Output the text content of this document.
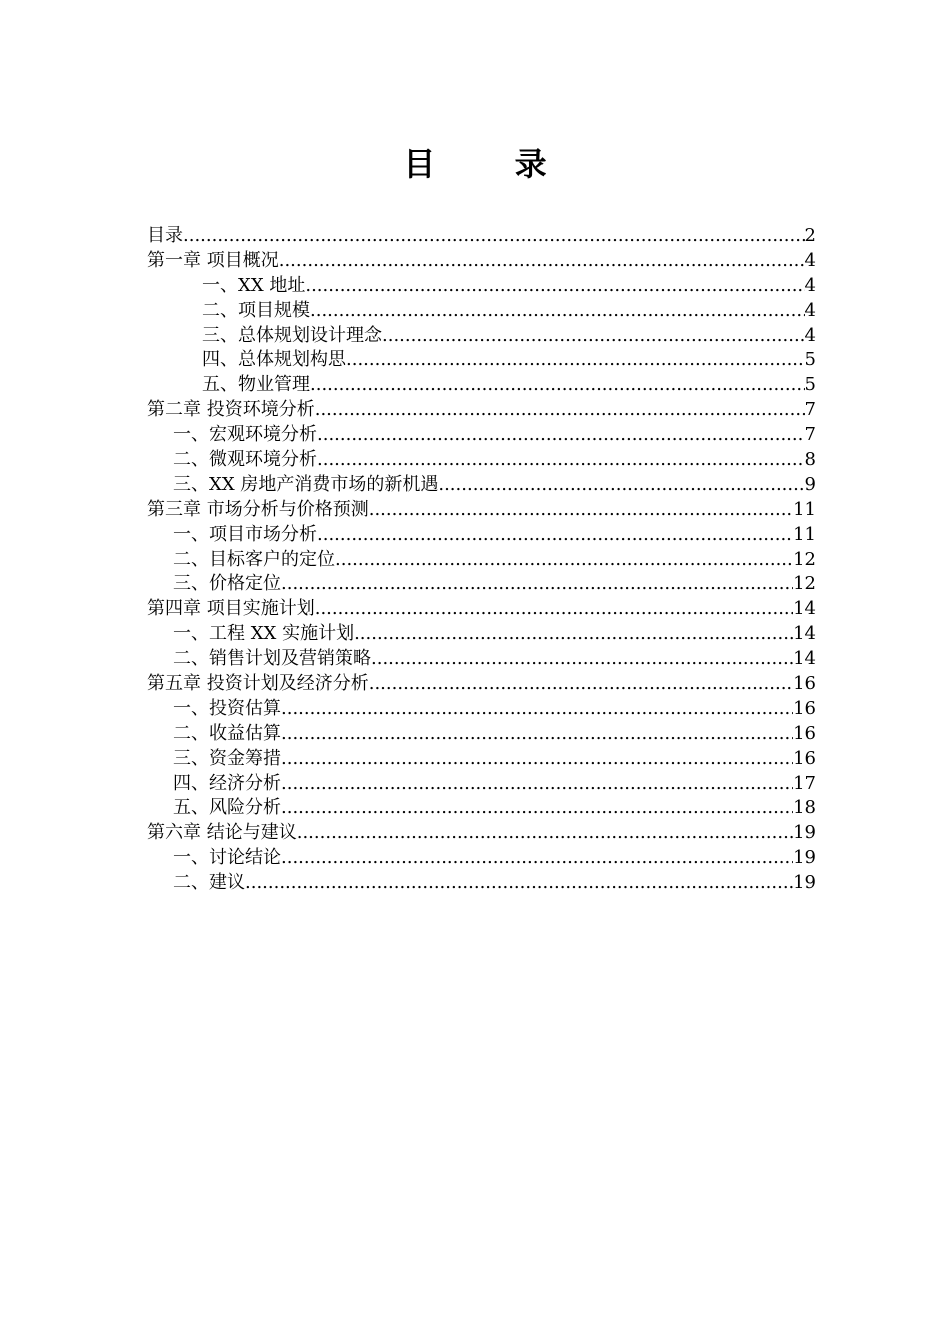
目 录
目录 .....	2
第一章 项目概况 .....	4
一、XX 地址 .....	4
二、项目规模 .....	4
三、总体规划设计理念 .....	4
四、总体规划构思 .....	5
五、物业管理 .....	5
第二章 投资环境分析 .....	7
一、宏观环境分析 .....	7
二、微观环境分析 .....	8
三、XX 房地产消费市场的新机遇 .....	9
第三章 市场分析与价格预测 .....	11
一、项目市场分析 .....	11
二、目标客户的定位 .....	12
三、价格定位 .....	12
第四章 项目实施计划 .....	14
一、工程 XX 实施计划 .....	14
二、销售计划及营销策略 .....	14
第五章 投资计划及经济分析 .....	16
一、投资估算 .....	16
二、收益估算 .....	16
三、资金筹措 .....	16
四、经济分析 .....	17
五、风险分析 .....	18
第六章 结论与建议 .....	19
一、讨论结论 .....	19
二、建议 .....	19
